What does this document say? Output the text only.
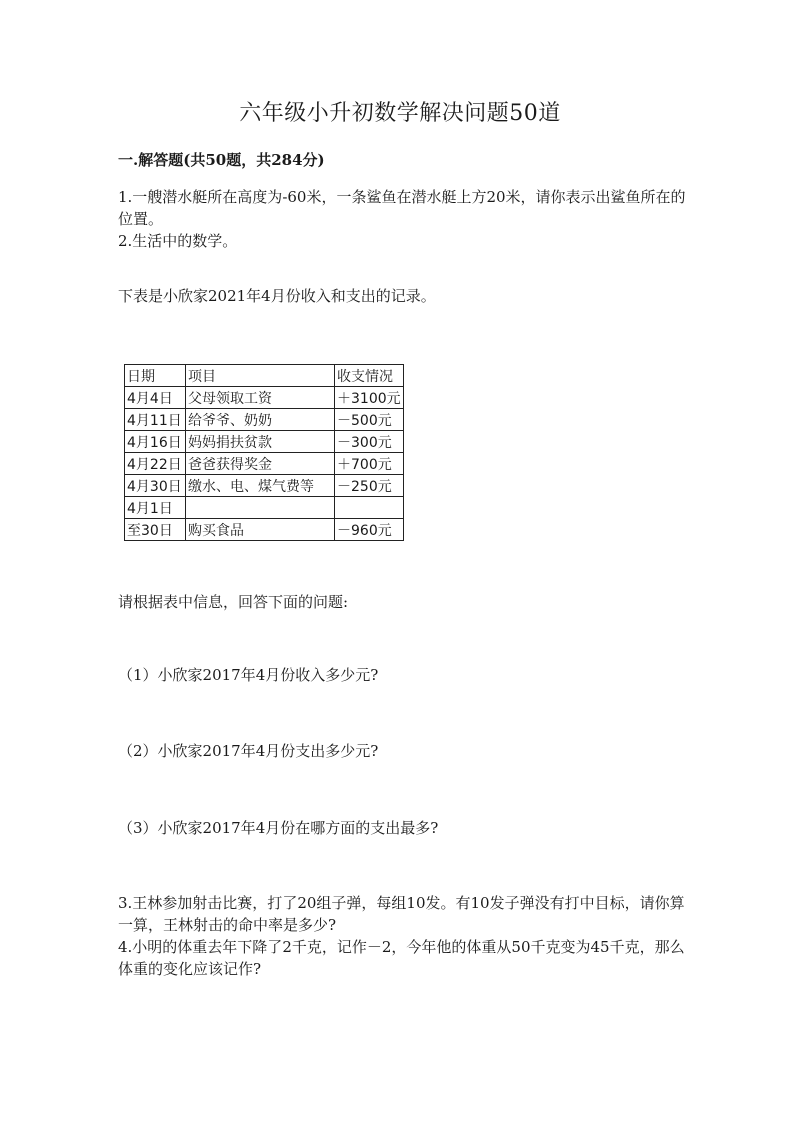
六年级小升初数学解决问题50道
一.解答题(共50题，共284分)
1.一艘潜水艇所在高度为-60米，一条鲨鱼在潜水艇上方20米，请你表示出鲨鱼所在的位置。
2.生活中的数学。
下表是小欣家2021年4月份收入和支出的记录。
日期	项目	收支情况
4月4日	父母领取工资	＋3100元
4月11日	给爷爷、奶奶	－500元
4月16日	妈妈捐扶贫款	－300元
4月22日	爸爸获得奖金	＋700元
4月30日	缴水、电、煤气费等	－250元
4月1日		
至30日	购买食品	－960元
请根据表中信息，回答下面的问题:
（1）小欣家2017年4月份收入多少元?
（2）小欣家2017年4月份支出多少元?
（3）小欣家2017年4月份在哪方面的支出最多?
3.王林参加射击比赛，打了20组子弹，每组10发。有10发子弹没有打中目标，请你算一算，王林射击的命中率是多少?
4.小明的体重去年下降了2千克，记作－2，今年他的体重从50千克变为45千克，那么体重的变化应该记作?
